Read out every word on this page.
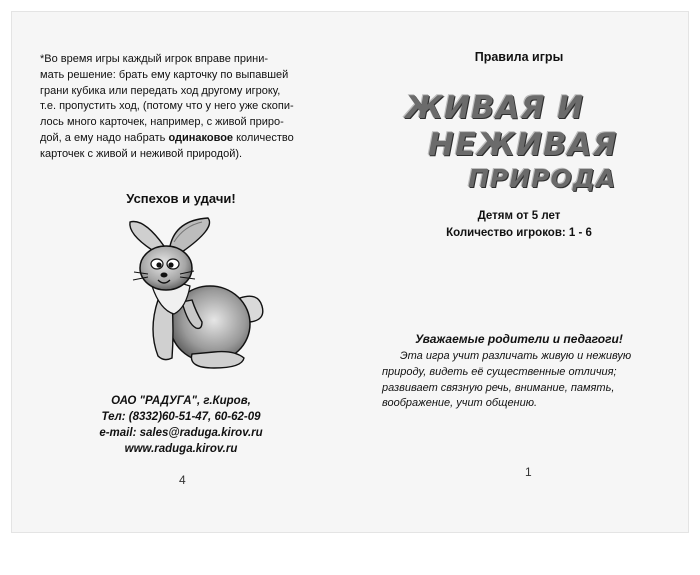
*Во время игры каждый игрок вправе прини-
мать решение: брать ему карточку по выпавшей
грани кубика или передать ход другому игроку,
т.е. пропустить ход, (потому что у него уже скопи-
лось много карточек, например, с живой приро-
дой, а ему надо набрать одинаковое количество
карточек с живой и неживой природой).
Успехов и удачи!
ОАО "РАДУГА", г.Киров,
Тел: (8332)60-51-47, 60-62-09
e-mail: sales@raduga.kirov.ru
www.raduga.kirov.ru
4
Правила игры
ЖИВАЯ И
НЕЖИВАЯ
ПРИРОДА
Детям от 5 лет
Количество игроков: 1 - 6
Уважаемые родители и педагоги!
Эта игра учит различать живую и неживую
природу, видеть её существенные отличия;
развивает связную речь, внимание, память,
воображение, учит общению.
1
